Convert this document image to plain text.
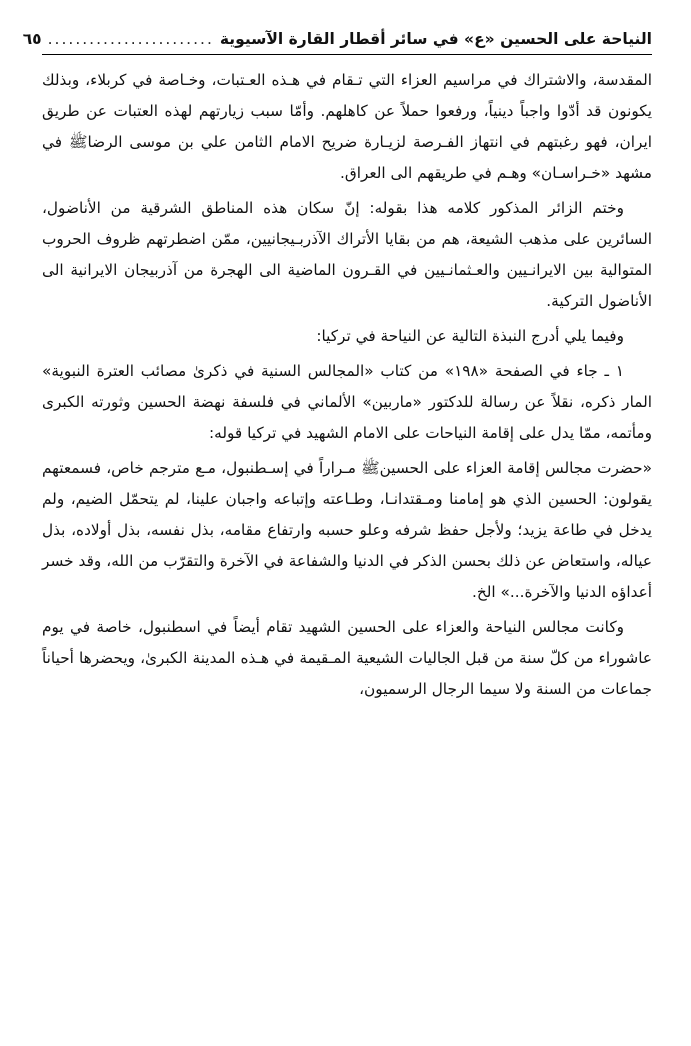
النياحة على الحسين «ع» في سائر أقطار القارة الآسيوية
........................
٦٥

المقدسة، والاشتراك في مراسيم العزاء التي تـقام في هـذه العـتبات، وخـاصة في كربلاء، وبذلك يكونون قد أدّوا واجباً دينياً، ورفعوا حملاً عن كاهلهم. وأمّا سبب زيارتهم لهذه العتبات عن طريق ايران، فهو رغبتهم في انتهاز الفـرصة لزيـارة ضريح الامام الثامن علي بن موسى الرضاﷺ في مشهد «خـراسـان» وهـم في طريقهم الى العراق.

وختم الزائر المذكور كلامه هذا بقوله: إنّ سكان هذه المناطق الشرقية من الأناضول، السائرين على مذهب الشيعة، هم من بقايا الأتراك الآذربـيجانيين، ممّن اضطرتهم ظروف الحروب المتوالية بين الايرانـيين والعـثمانـيين في القـرون الماضية الى الهجرة من آذربيجان الايرانية الى الأناضول التركية.

وفيما يلي أدرج النبذة التالية عن النياحة في تركيا:

١ ـ جاء في الصفحة «١٩٨» من كتاب «المجالس السنية في ذكرىٰ مصائب العترة النبوية» المار ذكره، نقلاً عن رسالة للدكتور «ماربين» الألماني في فلسفة نهضة الحسين وثورته الكبرى ومأتمه، ممّا يدل على إقامة النياحات على الامام الشهيد في تركيا قوله:

«حضرت مجالس إقامة العزاء على الحسينﷺ مـراراً في إسـطنبول، مـع مترجم خاص، فسمعتهم يقولون: الحسين الذي هو إمامنا ومـقتدانـا، وطـاعته وإتباعه واجبان علينا، لم يتحمّل الضيم، ولم يدخل في طاعة يزيد؛ ولأجل حفظ شرفه وعلو حسبه وارتفاع مقامه، بذل نفسه، بذل أولاده، بذل عياله، واستعاض عن ذلك بحسن الذكر في الدنيا والشفاعة في الآخرة والتقرّب من الله، وقد خسر أعداؤه الدنيا والآخرة...» الخ.

وكانت مجالس النياحة والعزاء على الحسين الشهيد تقام أيضاً في اسطنبول، خاصة في يوم عاشوراء من كلّ سنة من قبل الجاليات الشيعية المـقيمة في هـذه المدينة الكبرىٰ، ويحضرها أحياناً جماعات من السنة ولا سيما الرجال الرسميون،
